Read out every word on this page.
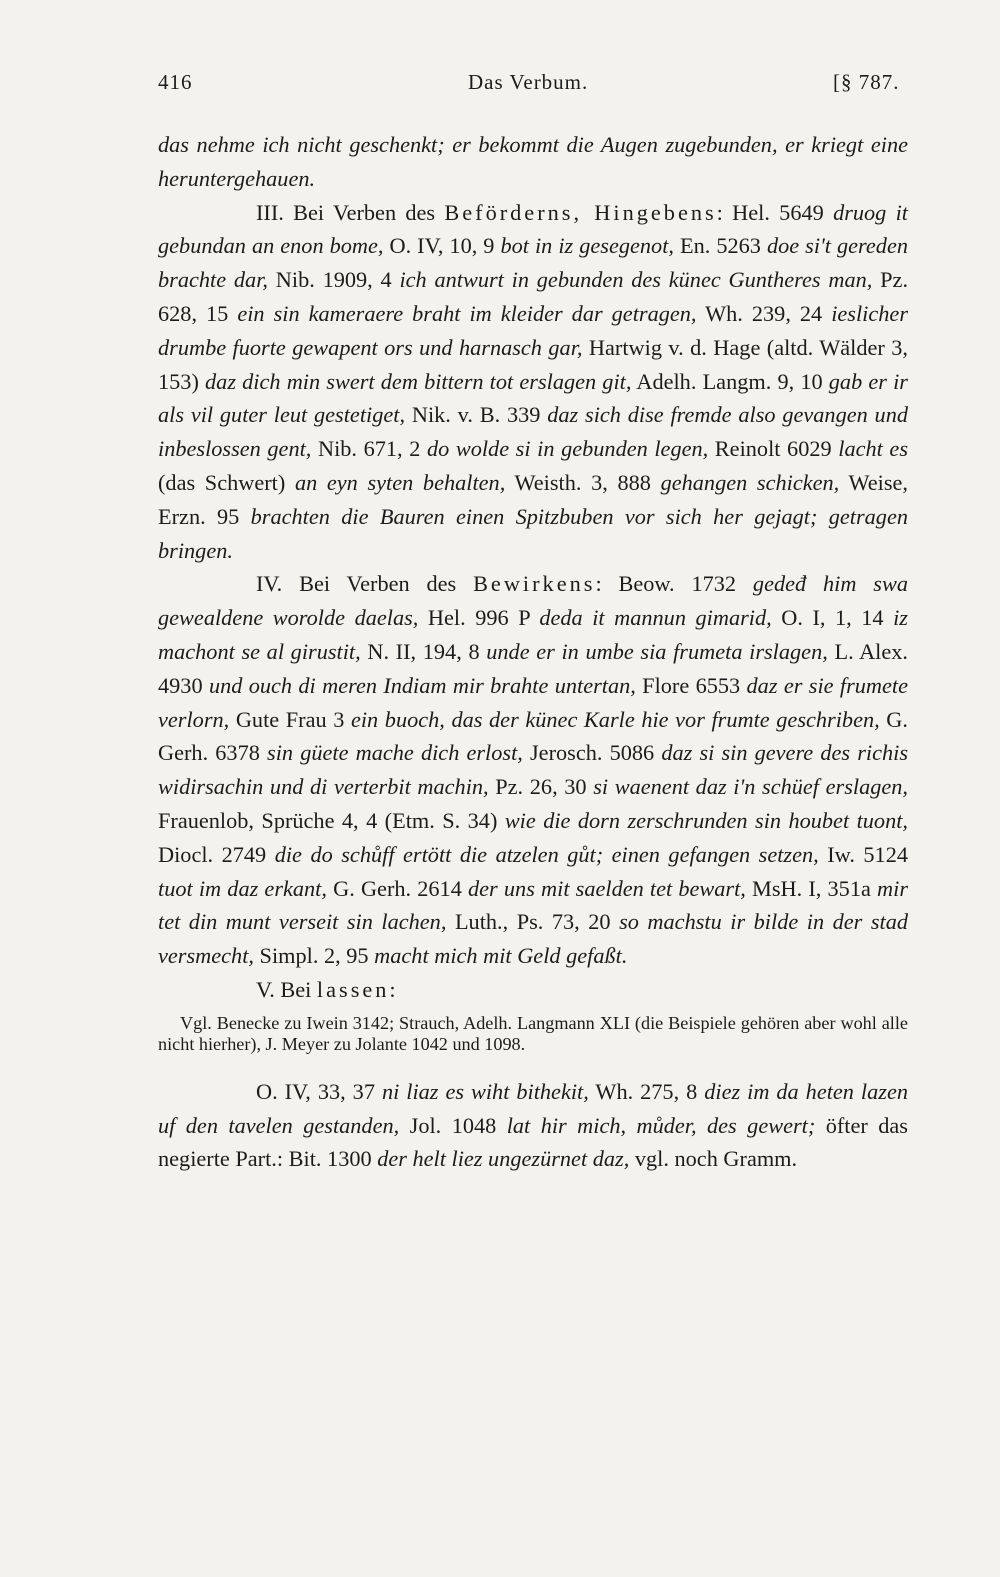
416	Das Verbum.	[§ 787.

das nehme ich nicht geschenkt; er bekommt die Augen zugebunden, er kriegt eine heruntergehauen.

III. Bei Verben des Beförderns, Hingebens: Hel. 5649 druog it gebundan an enon bome, O. IV, 10, 9 bot in iz gesegenot, En. 5263 doe si't gereden brachte dar, Nib. 1909, 4 ich antwurt in gebunden des künec Guntheres man, Pz. 628, 15 ein sin kameraere braht im kleider dar getragen, Wh. 239, 24 ieslicher drumbe fuorte gewapent ors und harnasch gar, Hartwig v. d. Hage (altd. Wälder 3, 153) daz dich min swert dem bittern tot erslagen git, Adelh. Langm. 9, 10 gab er ir als vil guter leut gestetiget, Nik. v. B. 339 daz sich dise fremde also gevangen und inbeslossen gent, Nib. 671, 2 do wolde si in gebunden legen, Reinolt 6029 lacht es (das Schwert) an eyn syten behalten, Weisth. 3, 888 gehangen schicken, Weise, Erzn. 95 brachten die Bauren einen Spitzbuben vor sich her gejagt; getragen bringen.

IV. Bei Verben des Bewirkens: Beow. 1732 gedeđ him swa gewealdene worolde daelas, Hel. 996 P deda it mannun gimarid, O. I, 1, 14 iz machont se al girustit, N. II, 194, 8 unde er in umbe sia frumeta irslagen, L. Alex. 4930 und ouch di meren Indiam mir brahte untertan, Flore 6553 daz er sie frumete verlorn, Gute Frau 3 ein buoch, das der künec Karle hie vor frumte geschriben, G. Gerh. 6378 sin güete mache dich erlost, Jerosch. 5086 daz si sin gevere des richis widirsachin und di verterbit machin, Pz. 26, 30 si waenent daz i'n schüef erslagen, Frauenlob, Sprüche 4, 4 (Etm. S. 34) wie die dorn zerschrunden sin houbet tuont, Diocl. 2749 die do schůff ertött die atzelen gůt; einen gefangen setzen, Iw. 5124 tuot im daz erkant, G. Gerh. 2614 der uns mit saelden tet bewart, MsH. I, 351a mir tet din munt verseit sin lachen, Luth., Ps. 73, 20 so machstu ir bilde in der stad versmecht, Simpl. 2, 95 macht mich mit Geld gefaßt.

V. Bei lassen:

Vgl. Benecke zu Iwein 3142; Strauch, Adelh. Langmann XLI (die Beispiele gehören aber wohl alle nicht hierher), J. Meyer zu Jolante 1042 und 1098.

O. IV, 33, 37 ni liaz es wiht bithekit, Wh. 275, 8 diez im da heten lazen uf den tavelen gestanden, Jol. 1048 lat hir mich, můder, des gewert; öfter das negierte Part.: Bit. 1300 der helt liez ungezürnet daz, vgl. noch Gramm.
